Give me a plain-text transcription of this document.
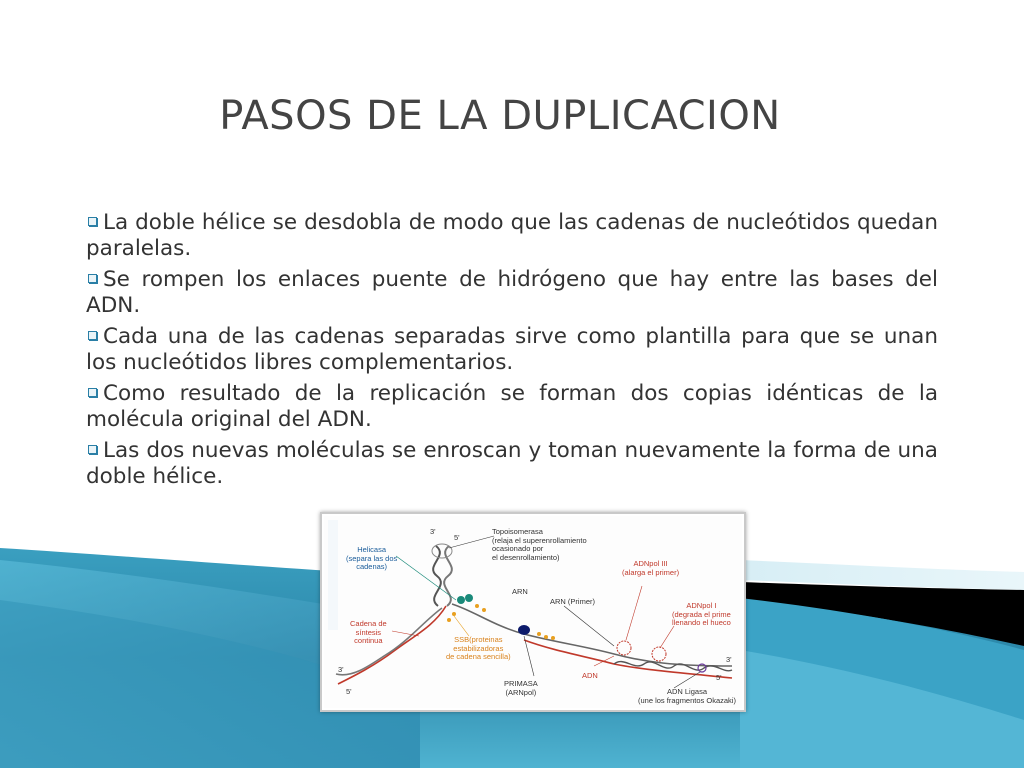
PASOS DE LA DUPLICACION
La doble hélice se desdobla de modo que las cadenas de nucleótidos quedan paralelas.
Se rompen los enlaces puente de hidrógeno que hay entre las bases del ADN.
Cada una de las cadenas separadas sirve como plantilla para que se unan los nucleótidos libres complementarios.
Como resultado de la replicación se forman dos copias idénticas de la molécula original del ADN.
Las dos nuevas moléculas se enroscan y toman nuevamente la forma de una doble hélice.
3'
5'
Topoisomerasa
(relaja el superenrollamiento
ocasionado por
el desenrollamiento)
Helicasa
(separa las dos
cadenas)
ARN
ARN (Primer)
ADNpol III
(alarga el primer)
ADNpol I
(degrada el prime
llenando el hueco
Cadena de
síntesis
continua	SSB(proteinas
estabilizadoras
de cadena sencilla)
PRIMASA
(ARNpol)
ADN
ADN Ligasa
(une los fragmentos Okazaki)
3'
5'
3'
5'
